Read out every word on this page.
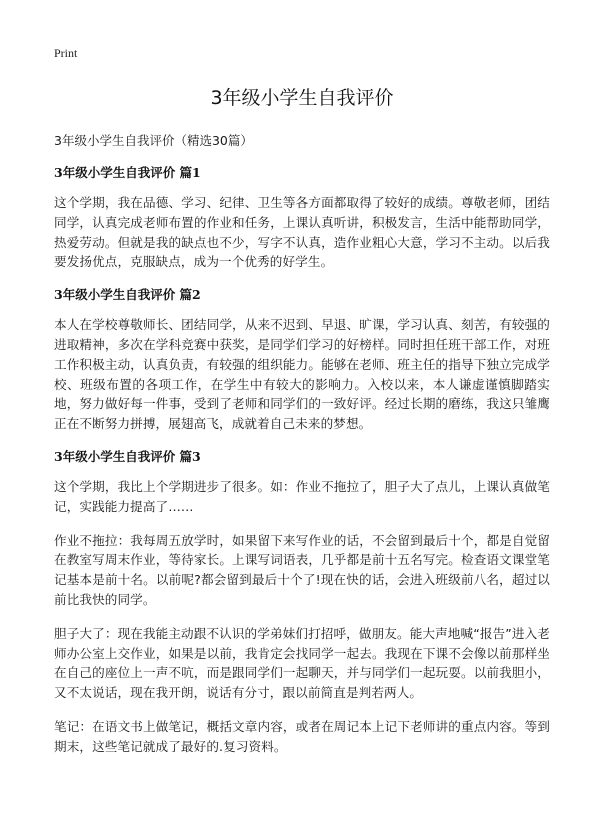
Print
3年级小学生自我评价
3年级小学生自我评价（精选30篇）
3年级小学生自我评价 篇1

这个学期，我在品德、学习、纪律、卫生等各方面都取得了较好的成绩。尊敬老师，团结同学，认真完成老师布置的作业和任务，上课认真听讲，积极发言，生活中能帮助同学，热爱劳动。但就是我的缺点也不少，写字不认真，造作业粗心大意，学习不主动。以后我要发扬优点，克服缺点，成为一个优秀的好学生。

3年级小学生自我评价 篇2

本人在学校尊敬师长、团结同学，从来不迟到、早退、旷课，学习认真、刻苦，有较强的进取精神，多次在学科竞赛中获奖，是同学们学习的好榜样。同时担任班干部工作，对班工作积极主动，认真负责，有较强的组织能力。能够在老师、班主任的指导下独立完成学校、班级布置的各项工作，在学生中有较大的影响力。入校以来，本人谦虚谨慎脚踏实地，努力做好每一件事，受到了老师和同学们的一致好评。经过长期的磨练，我这只雏鹰正在不断努力拼搏，展翅高飞，成就着自己未来的梦想。

3年级小学生自我评价 篇3

这个学期，我比上个学期进步了很多。如：作业不拖拉了，胆子大了点儿，上课认真做笔记，实践能力提高了……

作业不拖拉：我每周五放学时，如果留下来写作业的话，不会留到最后十个，都是自觉留在教室写周末作业，等待家长。上课写词语表，几乎都是前十五名写完。检查语文课堂笔记基本是前十名。以前呢?都会留到最后十个了!现在快的话，会进入班级前八名，超过以前比我快的同学。

胆子大了：现在我能主动跟不认识的学弟妹们打招呼，做朋友。能大声地喊“报告”进入老师办公室上交作业，如果是以前，我肯定会找同学一起去。我现在下课不会像以前那样坐在自己的座位上一声不吭，而是跟同学们一起聊天，并与同学们一起玩耍。以前我胆小，又不太说话，现在我开朗，说话有分寸，跟以前简直是判若两人。

笔记：在语文书上做笔记，概括文章内容，或者在周记本上记下老师讲的重点内容。等到期末，这些笔记就成了最好的.复习资料。
